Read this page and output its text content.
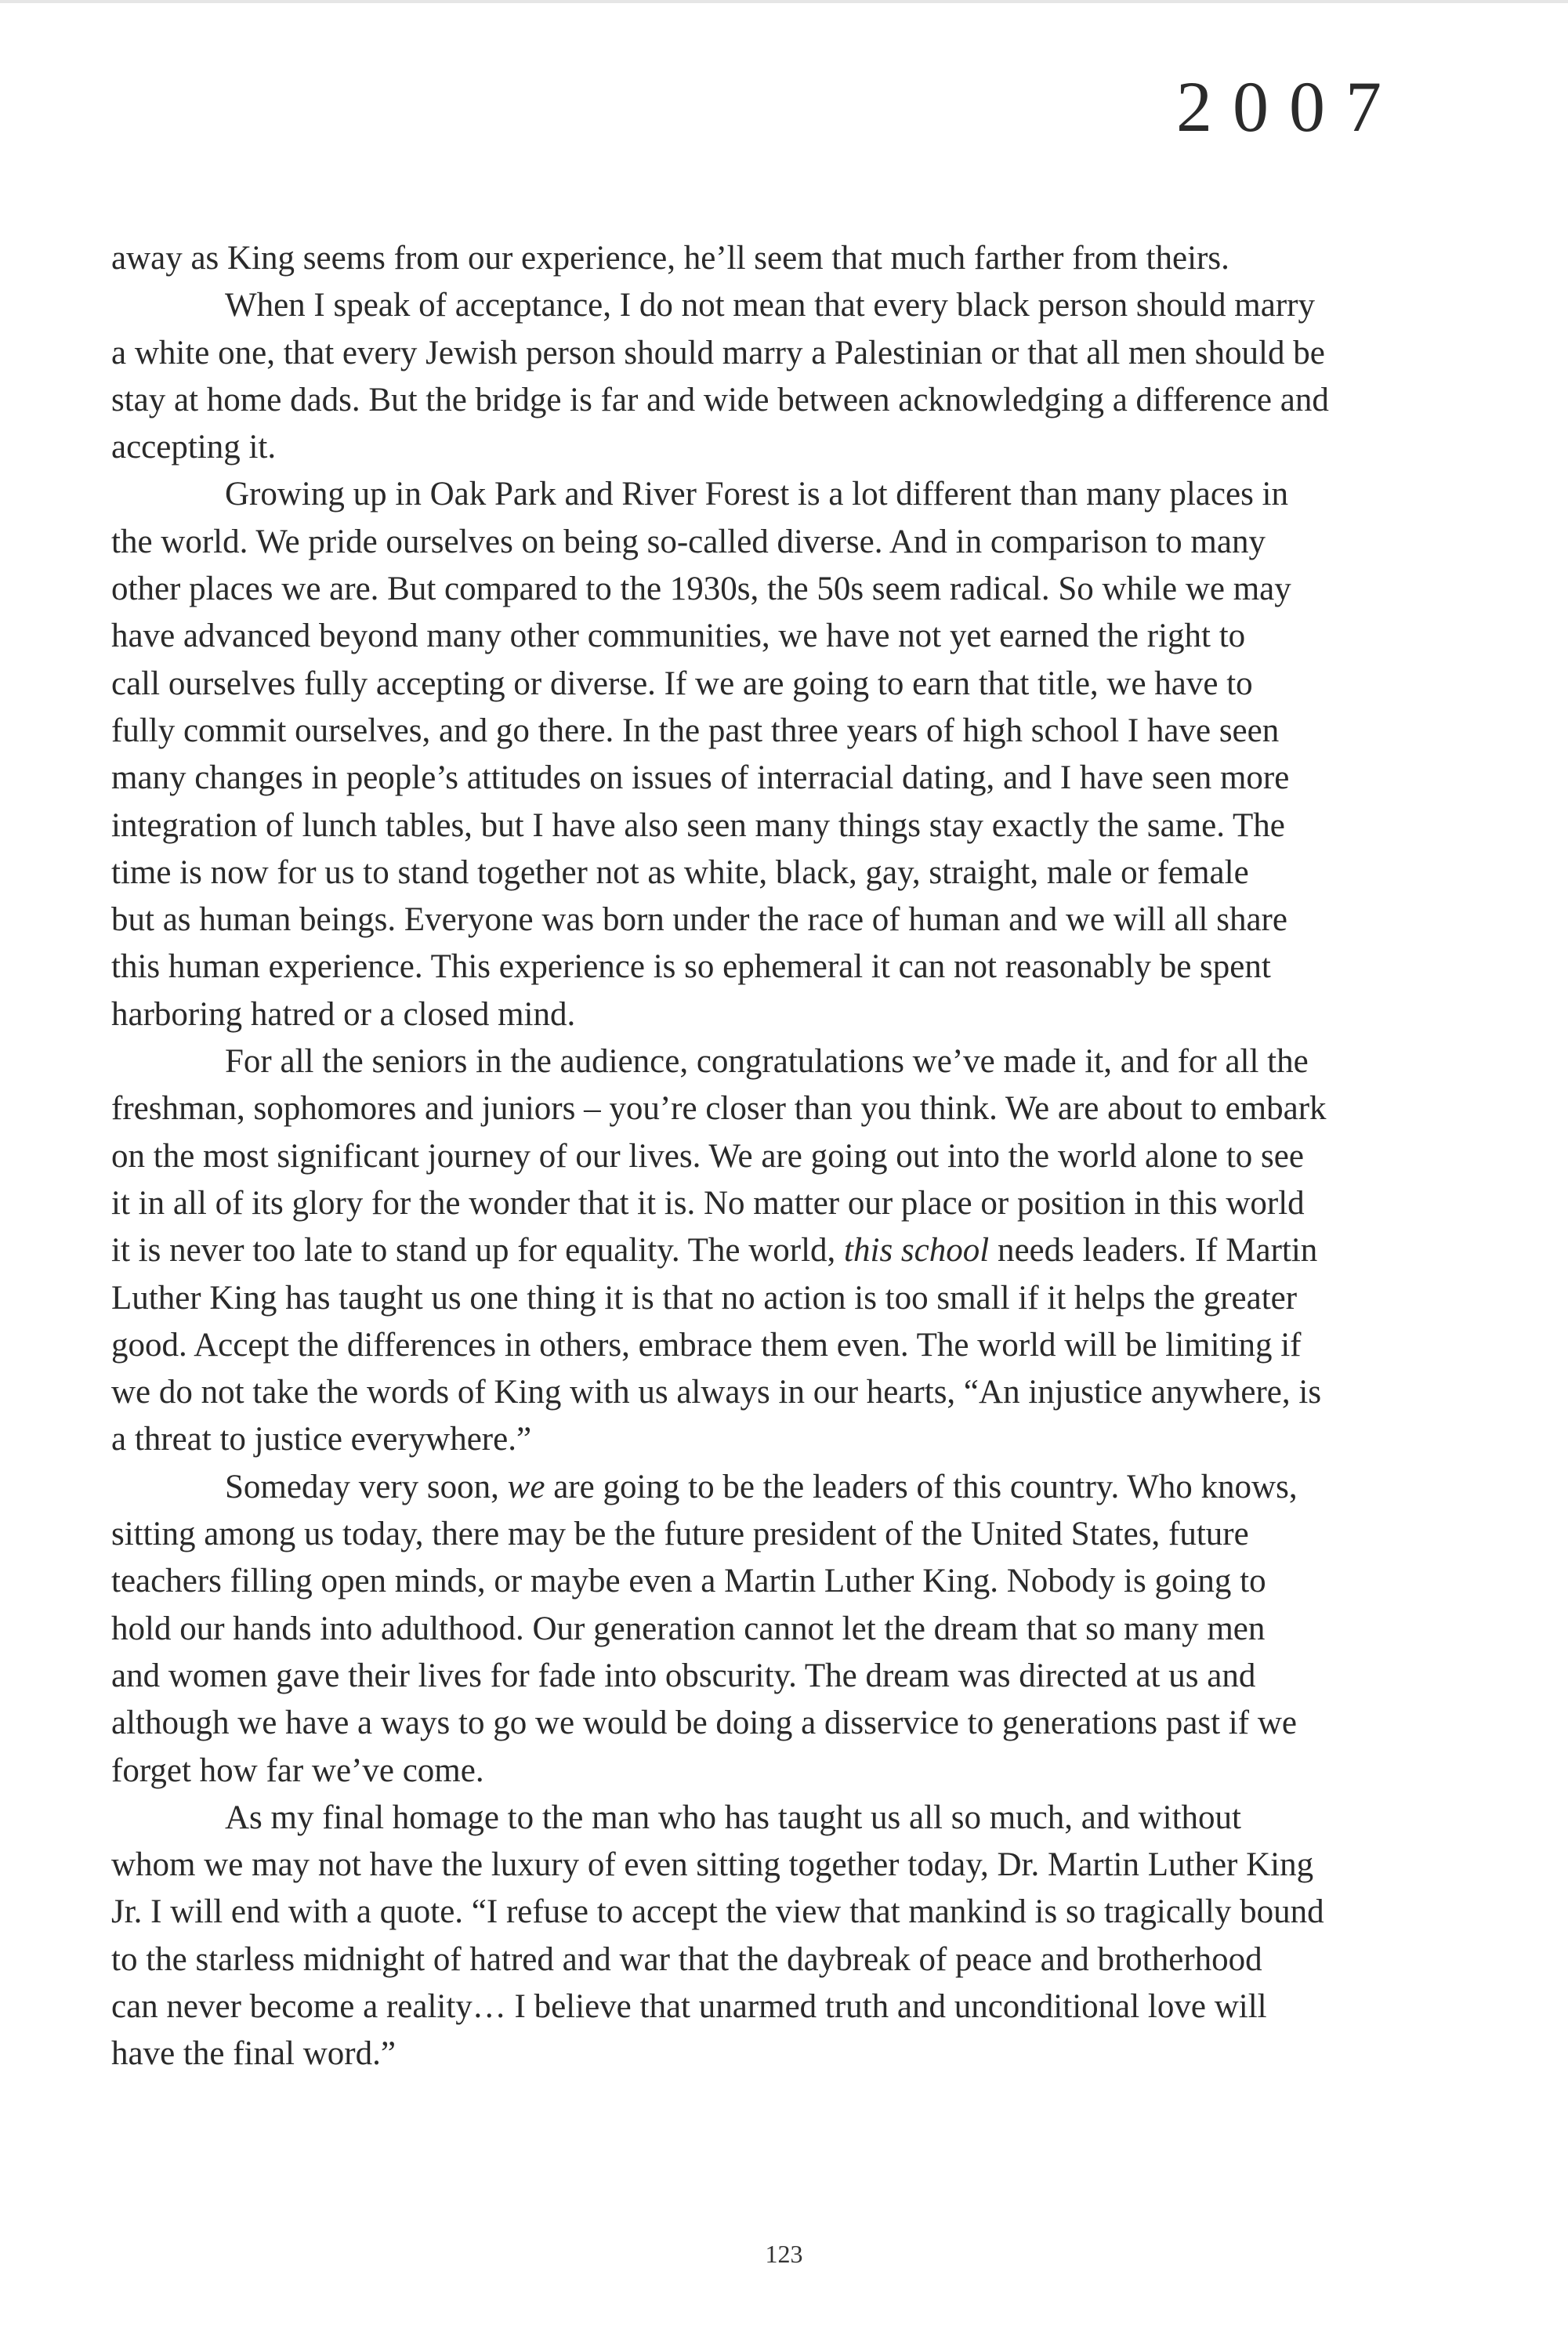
2007

away as King seems from our experience, he’ll seem that much farther from theirs.

When I speak of acceptance, I do not mean that every black person should marry
a white one, that every Jewish person should marry a Palestinian or that all men should be
stay at home dads. But the bridge is far and wide between acknowledging a difference and
accepting it.

Growing up in Oak Park and River Forest is a lot different than many places in
the world. We pride ourselves on being so-called diverse. And in comparison to many
other places we are. But compared to the 1930s, the 50s seem radical. So while we may
have advanced beyond many other communities, we have not yet earned the right to
call ourselves fully accepting or diverse. If we are going to earn that title, we have to
fully commit ourselves, and go there. In the past three years of high school I have seen
many changes in people’s attitudes on issues of interracial dating, and I have seen more
integration of lunch tables, but I have also seen many things stay exactly the same. The
time is now for us to stand together not as white, black, gay, straight, male or female
but as human beings. Everyone was born under the race of human and we will all share
this human experience. This experience is so ephemeral it can not reasonably be spent
harboring hatred or a closed mind.

For all the seniors in the audience, congratulations we’ve made it, and for all the
freshman, sophomores and juniors – you’re closer than you think. We are about to embark
on the most significant journey of our lives. We are going out into the world alone to see
it in all of its glory for the wonder that it is. No matter our place or position in this world
it is never too late to stand up for equality. The world, this school needs leaders. If Martin
Luther King has taught us one thing it is that no action is too small if it helps the greater
good. Accept the differences in others, embrace them even. The world will be limiting if
we do not take the words of King with us always in our hearts, “An injustice anywhere, is
a threat to justice everywhere.”

Someday very soon, we are going to be the leaders of this country. Who knows,
sitting among us today, there may be the future president of the United States, future
teachers filling open minds, or maybe even a Martin Luther King. Nobody is going to
hold our hands into adulthood. Our generation cannot let the dream that so many men
and women gave their lives for fade into obscurity. The dream was directed at us and
although we have a ways to go we would be doing a disservice to generations past if we
forget how far we’ve come.

As my final homage to the man who has taught us all so much, and without
whom we may not have the luxury of even sitting together today, Dr. Martin Luther King
Jr. I will end with a quote. “I refuse to accept the view that mankind is so tragically bound
to the starless midnight of hatred and war that the daybreak of peace and brotherhood
can never become a reality… I believe that unarmed truth and unconditional love will
have the final word.”

123
